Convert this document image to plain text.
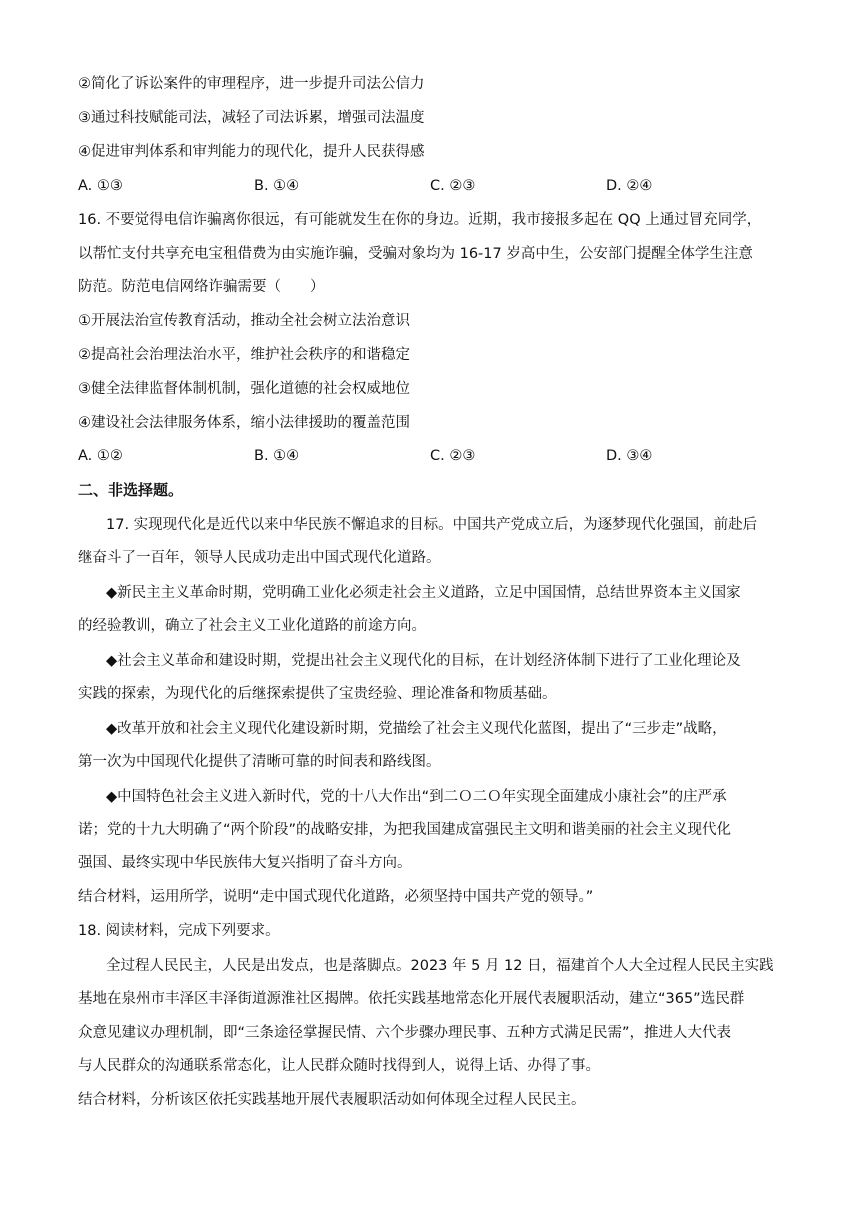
②简化了诉讼案件的审理程序，进一步提升司法公信力
③通过科技赋能司法，减轻了司法诉累，增强司法温度
④促进审判体系和审判能力的现代化，提升人民获得感
A. ①③	B. ①④	C. ②③	D. ②④
16. 不要觉得电信诈骗离你很远，有可能就发生在你的身边。近期，我市接报多起在 QQ 上通过冒充同学，
以帮忙支付共享充电宝租借费为由实施诈骗，受骗对象均为 16-17 岁高中生，公安部门提醒全体学生注意
防范。防范电信网络诈骗需要（　　）
①开展法治宣传教育活动，推动全社会树立法治意识
②提高社会治理法治水平，维护社会秩序的和谐稳定
③健全法律监督体制机制，强化道德的社会权威地位
④建设社会法律服务体系，缩小法律援助的覆盖范围
A. ①②	B. ①④	C. ②③	D. ③④
二、非选择题。
17. 实现现代化是近代以来中华民族不懈追求的目标。中国共产党成立后，为逐梦现代化强国，前赴后
继奋斗了一百年，领导人民成功走出中国式现代化道路。
◆新民主主义革命时期，党明确工业化必须走社会主义道路，立足中国国情，总结世界资本主义国家
的经验教训，确立了社会主义工业化道路的前途方向。
◆社会主义革命和建设时期，党提出社会主义现代化的目标，在计划经济体制下进行了工业化理论及
实践的探索，为现代化的后继探索提供了宝贵经验、理论准备和物质基础。
◆改革开放和社会主义现代化建设新时期，党描绘了社会主义现代化蓝图，提出了“三步走”战略，
第一次为中国现代化提供了清晰可靠的时间表和路线图。
◆中国特色社会主义进入新时代，党的十八大作出“到二Ｏ二Ｏ年实现全面建成小康社会”的庄严承
诺；党的十九大明确了“两个阶段”的战略安排，为把我国建成富强民主文明和谐美丽的社会主义现代化
强国、最终实现中华民族伟大复兴指明了奋斗方向。
结合材料，运用所学，说明“走中国式现代化道路，必须坚持中国共产党的领导。”
18. 阅读材料，完成下列要求。
全过程人民民主，人民是出发点，也是落脚点。2023 年 5 月 12 日，福建首个人大全过程人民民主实践
基地在泉州市丰泽区丰泽街道源淮社区揭牌。依托实践基地常态化开展代表履职活动，建立“365”选民群
众意见建议办理机制，即“三条途径掌握民情、六个步骤办理民事、五种方式满足民需”，推进人大代表
与人民群众的沟通联系常态化，让人民群众随时找得到人，说得上话、办得了事。
结合材料，分析该区依托实践基地开展代表履职活动如何体现全过程人民民主。
